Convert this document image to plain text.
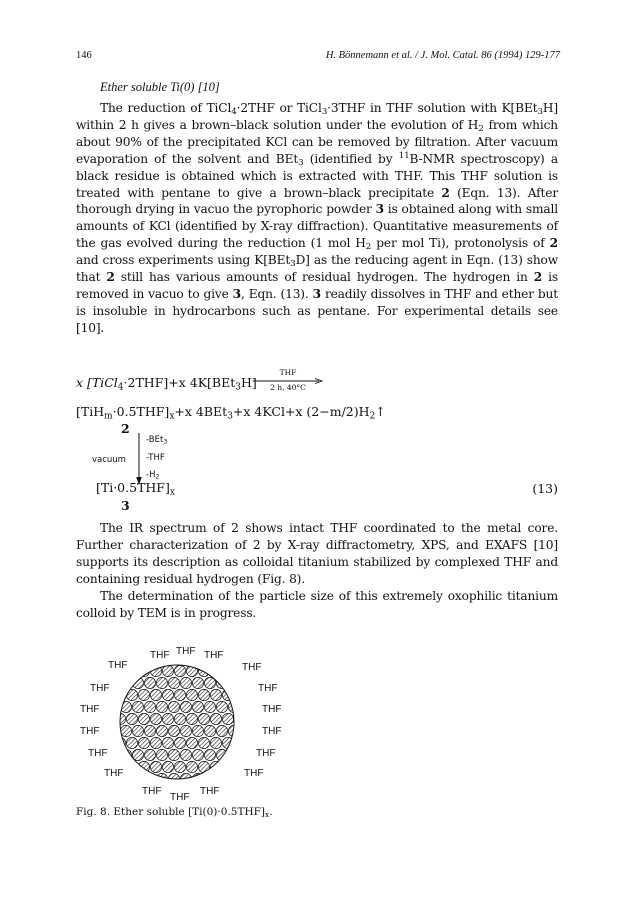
146	H. Bönnemann et al. / J. Mol. Catal. 86 (1994) 129-177
Ether soluble Ti(0) [10]

The reduction of TiCl$_4$·2THF or TiCl$_3$·3THF in THF solution with K[BEt$_3$H] within 2 h gives a brown–black solution under the evolution of $H_2$ from which about 90% of the precipitated KCl can be removed by filtration. After vacuum evaporation of the solvent and BEt$_3$ (identified by $^{11}$B-NMR spectroscopy) a black residue is obtained which is extracted with THF. This THF solution is treated with pentane to give a brown–black precipitate 2 (Eqn. 13). After thorough drying in vacuo the pyrophoric powder 3 is obtained along with small amounts of KCl (identified by X-ray diffraction). Quantitative measurements of the gas evolved during the reduction (1 mol $H_2$ per mol Ti), protonolysis of 2 and cross experiments using K[BEt$_3$D] as the reducing agent in Eqn. (13) show that 2 still has various amounts of residual hydrogen. The hydrogen in 2 is removed in vacuo to give 3, Eqn. (13). 3 readily dissolves in THF and ether but is insoluble in hydrocarbons such as pentane. For experimental details see [10].

x [TiCl$_4$·2THF]+x 4K[BEt$_3$H]
THF
2 h, 40°C
$[TiH_m\cdot 0.5THF]_x+x$ 4BEt$_3$+x 4KCl+x $(2-m/2)H_2↑$
2
vacuum
-BEt$_3$
-THF
$-H_2$
$[Ti\cdot 0.5THF]_x$
3
(13)

The IR spectrum of 2 shows intact THF coordinated to the metal core. Further characterization of 2 by X-ray diffractometry, XPS, and EXAFS [10] supports its description as colloidal titanium stabilized by complexed THF and containing residual hydrogen (Fig. 8).

The determination of the particle size of this extremely oxophilic titanium colloid by TEM is in progress.

THF
THF THF THF
THF
THF	THF
THF	THF
THF	THF
THF	THF
THF	THF
THF
THF
THF
Fig. 8. Ether soluble $[Ti(0)\cdot 0.5THF]_x$.
